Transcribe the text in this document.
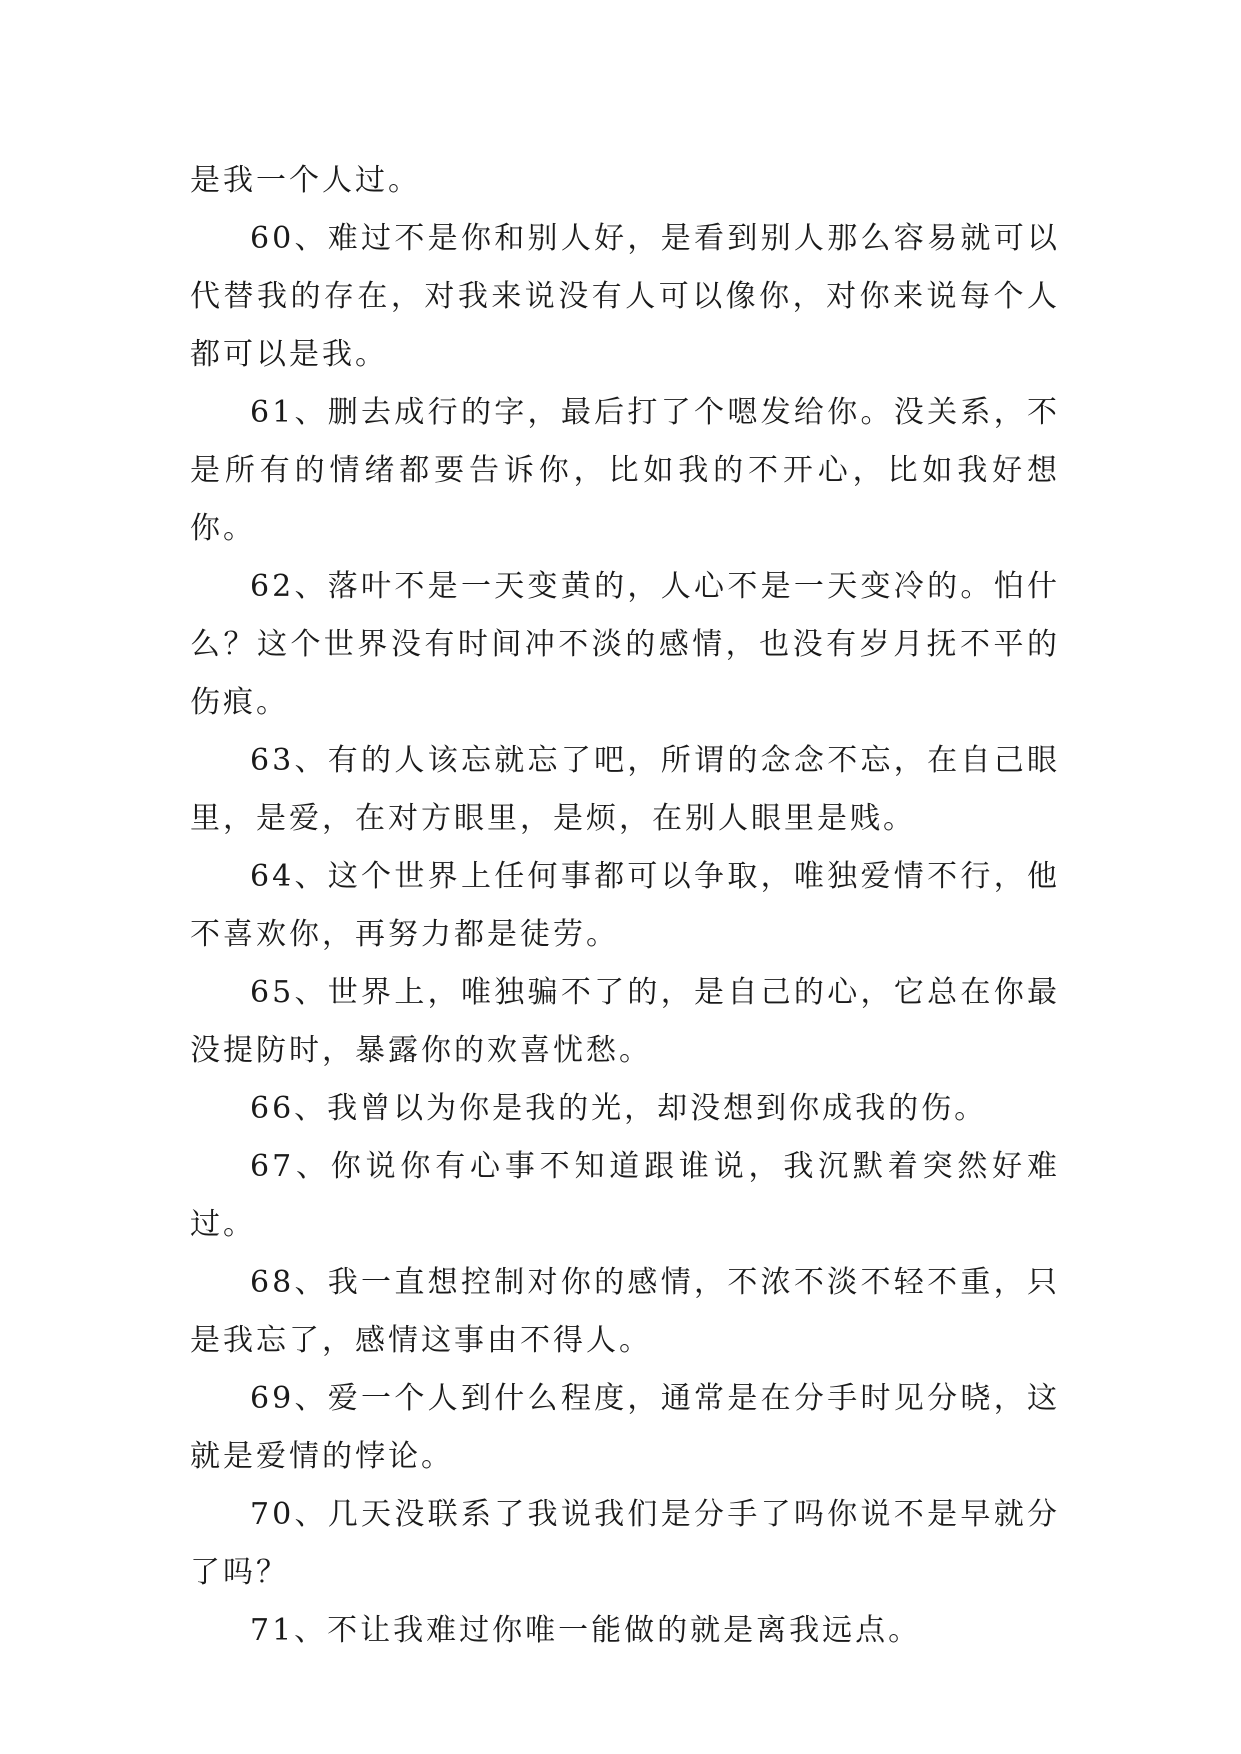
是我一个人过。

60、难过不是你和别人好，是看到别人那么容易就可以代替我的存在，对我来说没有人可以像你，对你来说每个人都可以是我。

61、删去成行的字，最后打了个嗯发给你。没关系，不是所有的情绪都要告诉你，比如我的不开心，比如我好想你。

62、落叶不是一天变黄的，人心不是一天变冷的。怕什么？这个世界没有时间冲不淡的感情，也没有岁月抚不平的伤痕。

63、有的人该忘就忘了吧，所谓的念念不忘，在自己眼里，是爱，在对方眼里，是烦，在别人眼里是贱。

64、这个世界上任何事都可以争取，唯独爱情不行，他不喜欢你，再努力都是徒劳。

65、世界上，唯独骗不了的，是自己的心，它总在你最没提防时，暴露你的欢喜忧愁。

66、我曾以为你是我的光，却没想到你成我的伤。

67、你说你有心事不知道跟谁说，我沉默着突然好难过。

68、我一直想控制对你的感情，不浓不淡不轻不重，只是我忘了，感情这事由不得人。

69、爱一个人到什么程度，通常是在分手时见分晓，这就是爱情的悖论。

70、几天没联系了我说我们是分手了吗你说不是早就分了吗？

71、不让我难过你唯一能做的就是离我远点。
